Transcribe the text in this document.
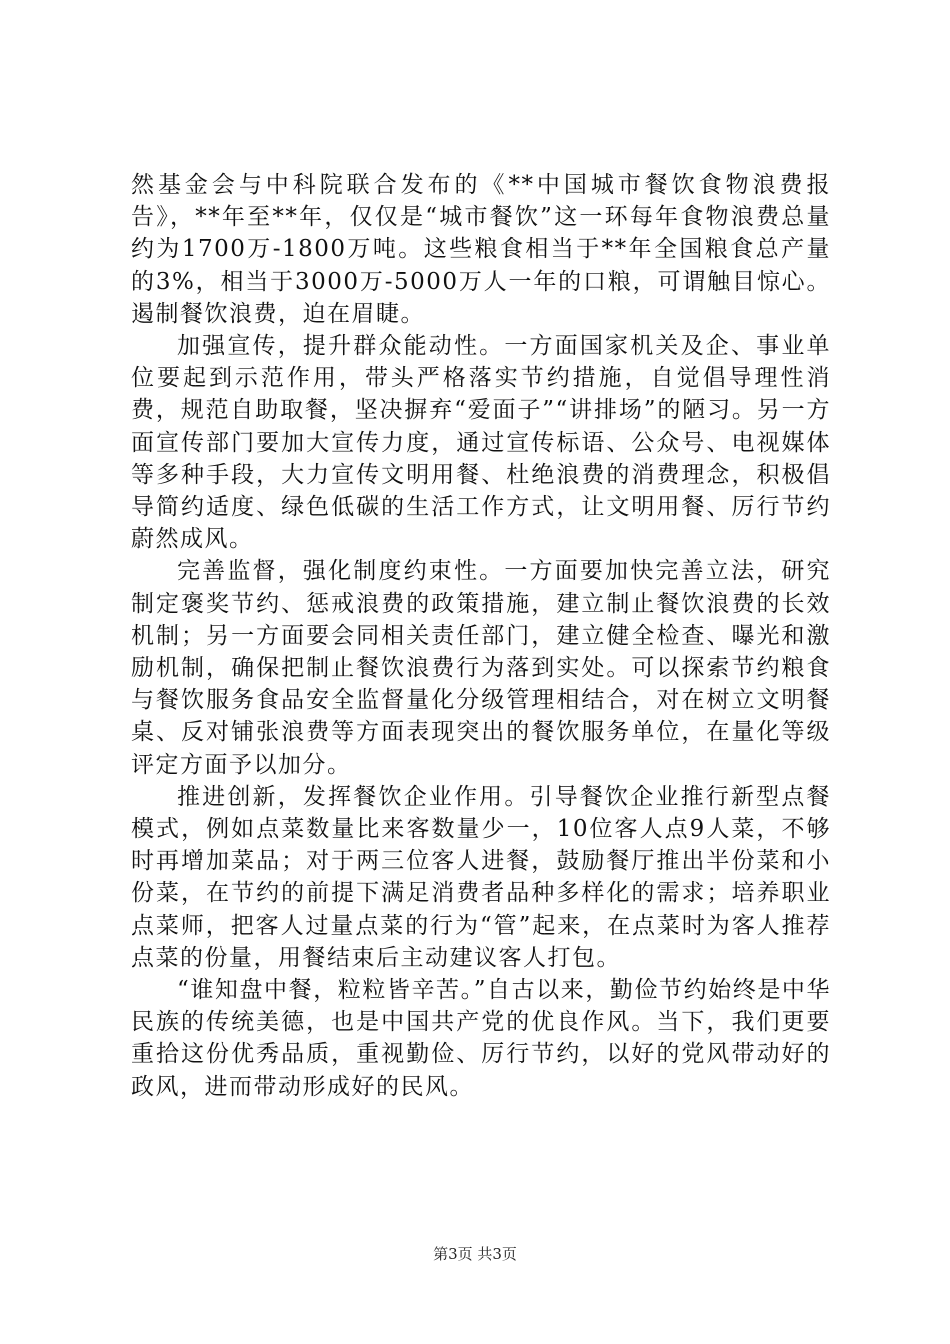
然基金会与中科院联合发布的《**中国城市餐饮食物浪费报告》，**年至**年，仅仅是“城市餐饮”这一环每年食物浪费总量约为1700万-1800万吨。这些粮食相当于**年全国粮食总产量的3%，相当于3000万-5000万人一年的口粮，可谓触目惊心。遏制餐饮浪费，迫在眉睫。

加强宣传，提升群众能动性。一方面国家机关及企、事业单位要起到示范作用，带头严格落实节约措施，自觉倡导理性消费，规范自助取餐，坚决摒弃“爱面子”“讲排场”的陋习。另一方面宣传部门要加大宣传力度，通过宣传标语、公众号、电视媒体等多种手段，大力宣传文明用餐、杜绝浪费的消费理念，积极倡导简约适度、绿色低碳的生活工作方式，让文明用餐、厉行节约蔚然成风。

完善监督，强化制度约束性。一方面要加快完善立法，研究制定褒奖节约、惩戒浪费的政策措施，建立制止餐饮浪费的长效机制；另一方面要会同相关责任部门，建立健全检查、曝光和激励机制，确保把制止餐饮浪费行为落到实处。可以探索节约粮食与餐饮服务食品安全监督量化分级管理相结合，对在树立文明餐桌、反对铺张浪费等方面表现突出的餐饮服务单位，在量化等级评定方面予以加分。

推进创新，发挥餐饮企业作用。引导餐饮企业推行新型点餐模式，例如点菜数量比来客数量少一，10位客人点9人菜，不够时再增加菜品；对于两三位客人进餐，鼓励餐厅推出半份菜和小份菜，在节约的前提下满足消费者品种多样化的需求；培养职业点菜师，把客人过量点菜的行为“管”起来，在点菜时为客人推荐点菜的份量，用餐结束后主动建议客人打包。

“谁知盘中餐，粒粒皆辛苦。”自古以来，勤俭节约始终是中华民族的传统美德，也是中国共产党的优良作风。当下，我们更要重拾这份优秀品质，重视勤俭、厉行节约，以好的党风带动好的政风，进而带动形成好的民风。

第3页 共3页
